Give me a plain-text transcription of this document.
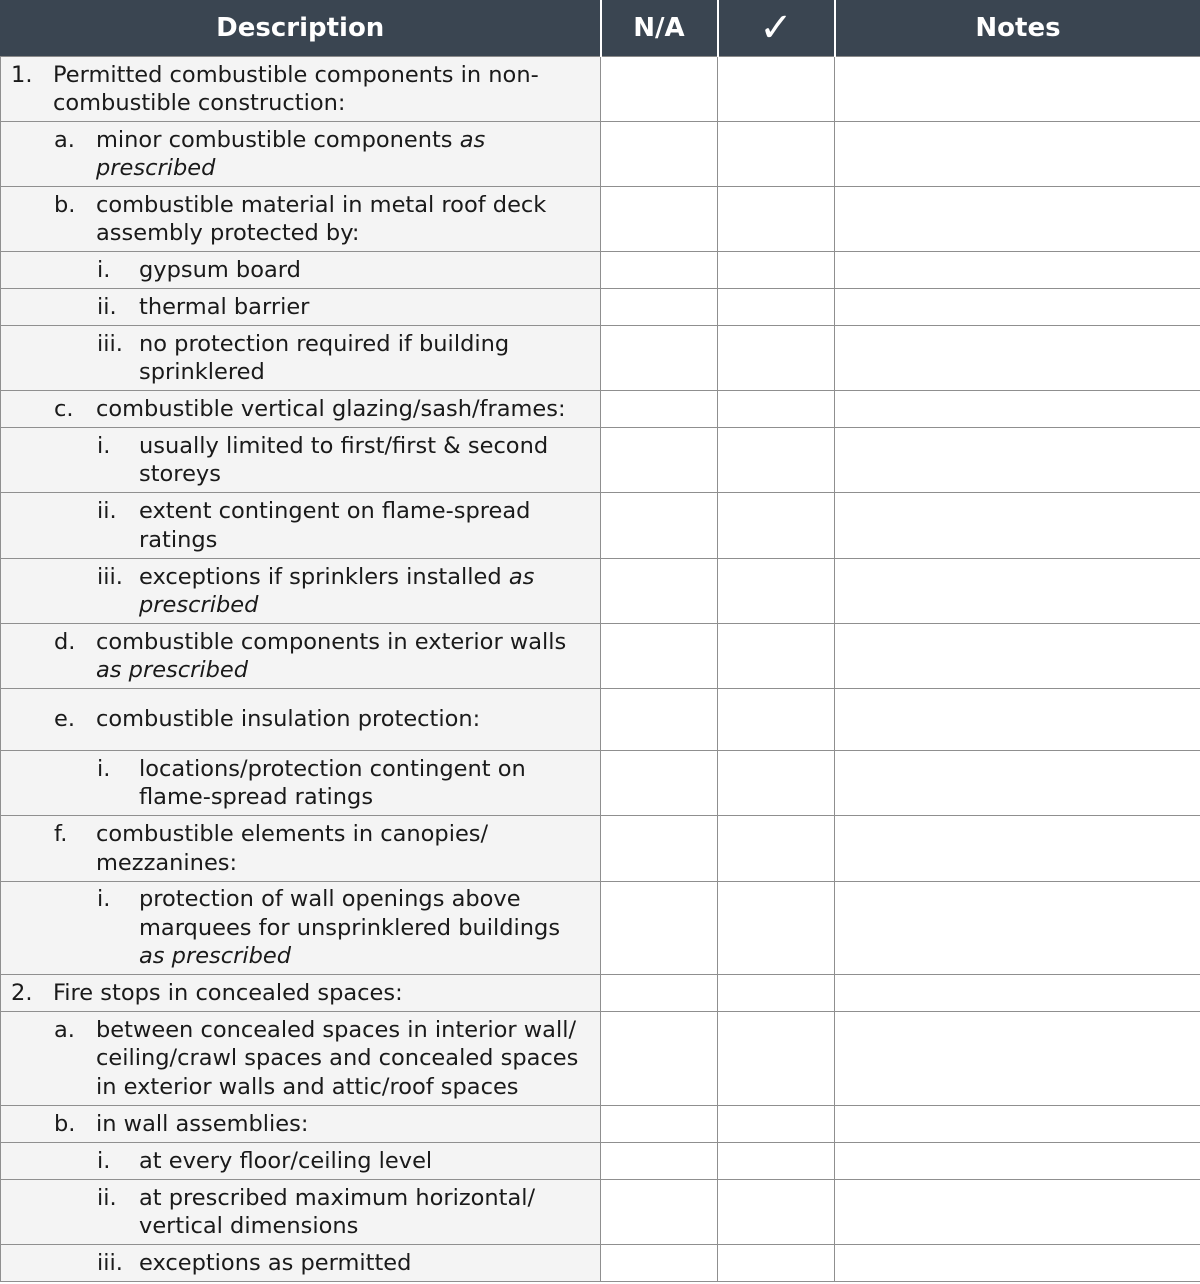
Description	N/A	✓	Notes

1. Permitted combustible components in non-combustible construction:			

a. minor combustible components as prescribed			

b. combustible material in metal roof deck assembly protected by:			

i. gypsum board			

ii. thermal barrier			

iii. no protection required if building sprinklered			

c. combustible vertical glazing/sash/frames:			

i. usually limited to first/first & second storeys			

ii. extent contingent on flame-spread ratings			

iii. exceptions if sprinklers installed as prescribed			

d. combustible components in exterior walls as prescribed			

e. combustible insulation protection:			

i. locations/protection contingent on flame-spread ratings			

f. combustible elements in canopies/ mezzanines:			

i. protection of wall openings above marquees for unsprinklered buildings as prescribed			

2. Fire stops in concealed spaces:			

a. between concealed spaces in interior wall/ ceiling/crawl spaces and concealed spaces in exterior walls and attic/roof spaces			

b. in wall assemblies:			

i. at every floor/ceiling level			

ii. at prescribed maximum horizontal/ vertical dimensions			

iii. exceptions as permitted			
